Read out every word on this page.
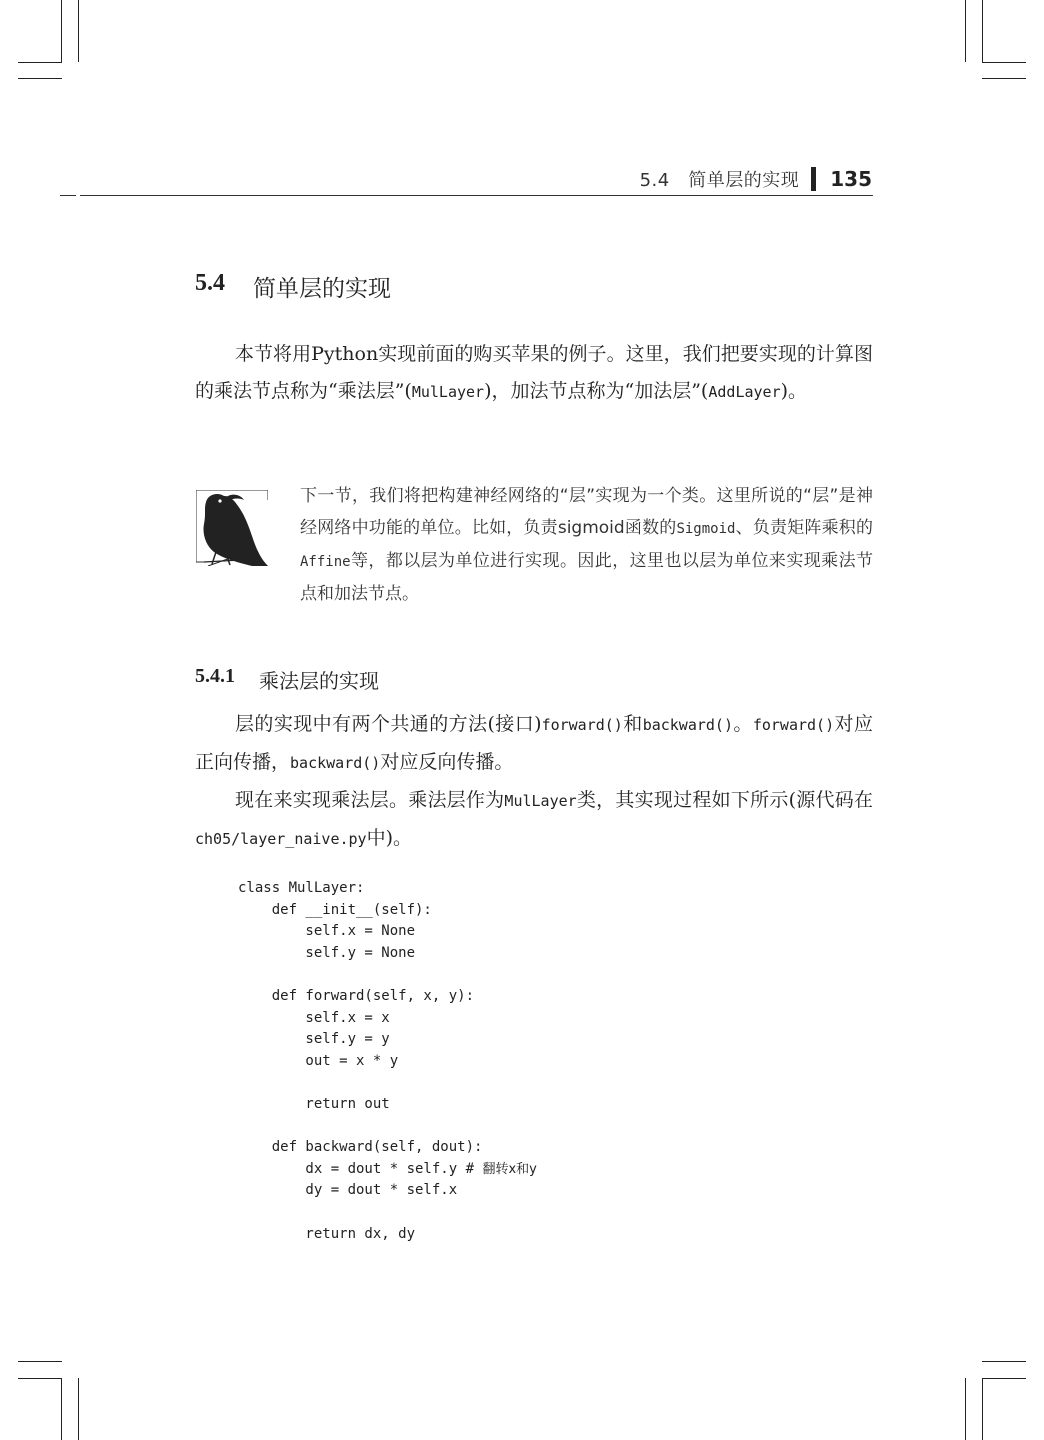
5.4　简单层的实现 135
5.4	简单层的实现
本节将用Python实现前面的购买苹果的例子。这里，我们把要实现的计算图的乘法节点称为“乘法层”(MulLayer)，加法节点称为“加法层”(AddLayer)。
下一节，我们将把构建神经网络的“层”实现为一个类。这里所说的“层”是神经网络中功能的单位。比如，负责sigmoid函数的Sigmoid、负责矩阵乘积的Affine等，都以层为单位进行实现。因此，这里也以层为单位来实现乘法节点和加法节点。
5.4.1	乘法层的实现
层的实现中有两个共通的方法(接口)forward()和backward()。forward()对应正向传播，backward()对应反向传播。
现在来实现乘法层。乘法层作为MulLayer类，其实现过程如下所示(源代码在ch05/layer_naive.py中)。
class MulLayer:
def __init__(self):
self.x = None
self.y = None
def forward(self, x, y):
self.x = x
self.y = y
out = x * y
return out
def backward(self, dout):
dx = dout * self.y # 翻转x和y
dy = dout * self.x
return dx, dy
